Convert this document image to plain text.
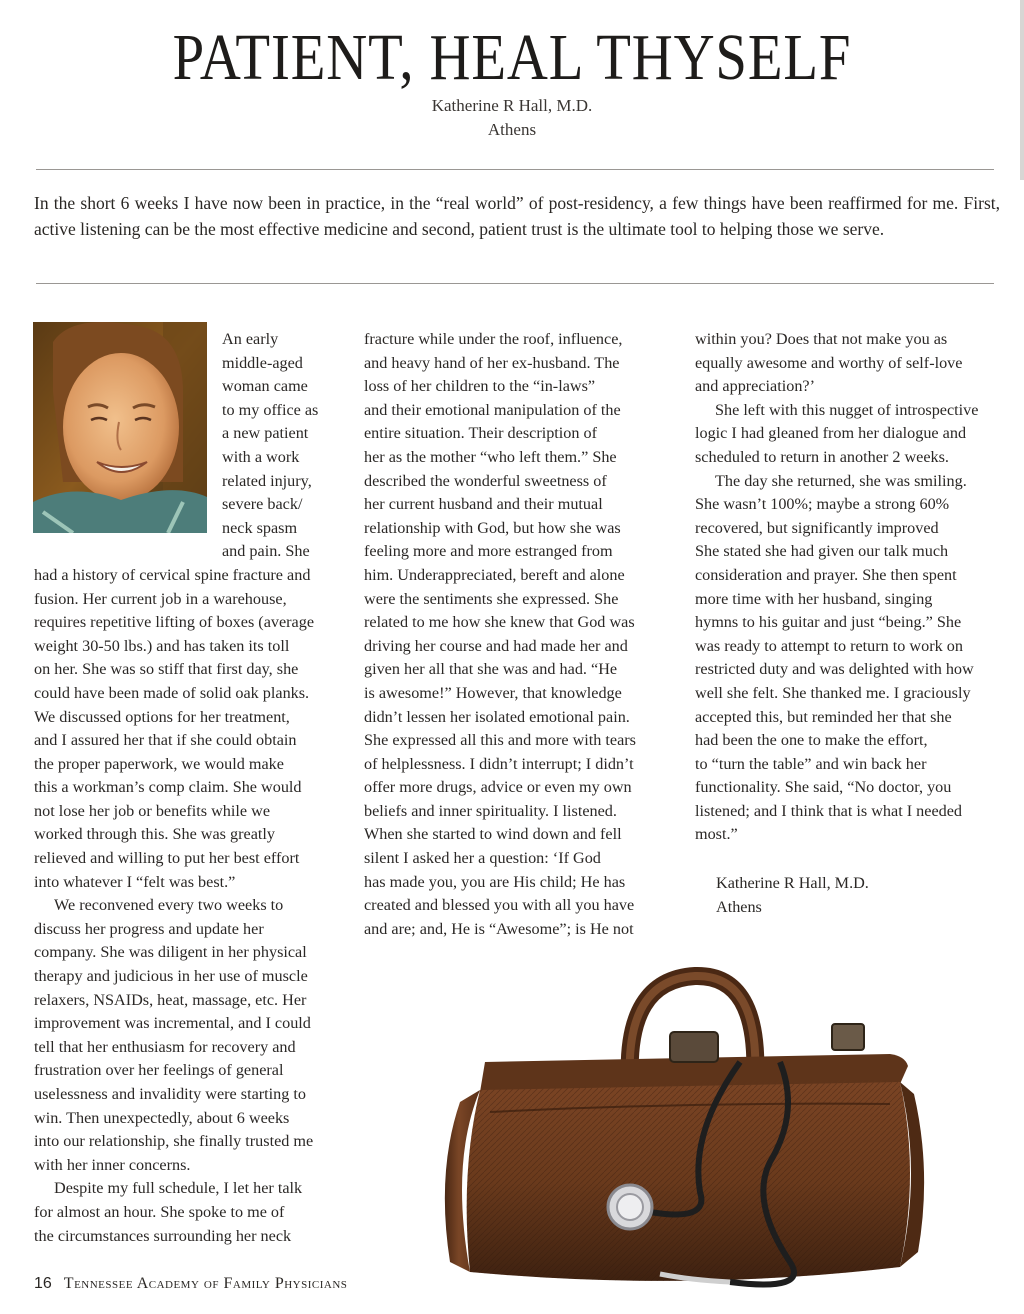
PATIENT, HEAL THYSELF
Katherine R Hall, M.D.
Athens

In the short 6 weeks I have now been in practice, in the “real world” of post-residency, a few things have been reaffirmed for me. First, active listening can be the most effective medicine and second, patient trust is the ultimate tool to helping those we serve.

An early
middle-aged
woman came
to my office as
a new patient
with a work
related injury,
severe back/
neck spasm
and pain. She
had a history of cervical spine fracture and
fusion. Her current job in a warehouse,
requires repetitive lifting of boxes (average
weight 30-50 lbs.) and has taken its toll
on her. She was so stiff that first day, she
could have been made of solid oak planks.
We discussed options for her treatment,
and I assured her that if she could obtain
the proper paperwork, we would make
this a workman’s comp claim. She would
not lose her job or benefits while we
worked through this. She was greatly
relieved and willing to put her best effort
into whatever I “felt was best.”
We reconvened every two weeks to
discuss her progress and update her
company. She was diligent in her physical
therapy and judicious in her use of muscle
relaxers, NSAIDs, heat, massage, etc. Her
improvement was incremental, and I could
tell that her enthusiasm for recovery and
frustration over her feelings of general
uselessness and invalidity were starting to
win. Then unexpectedly, about 6 weeks
into our relationship, she finally trusted me
with her inner concerns.
Despite my full schedule, I let her talk
for almost an hour. She spoke to me of
the circumstances surrounding her neck
fracture while under the roof, influence,
and heavy hand of her ex-husband. The
loss of her children to the “in-laws”
and their emotional manipulation of the
entire situation. Their description of
her as the mother “who left them.” She
described the wonderful sweetness of
her current husband and their mutual
relationship with God, but how she was
feeling more and more estranged from
him. Underappreciated, bereft and alone
were the sentiments she expressed. She
related to me how she knew that God was
driving her course and had made her and
given her all that she was and had. “He
is awesome!” However, that knowledge
didn’t lessen her isolated emotional pain.
She expressed all this and more with tears
of helplessness. I didn’t interrupt; I didn’t
offer more drugs, advice or even my own
beliefs and inner spirituality. I listened.
When she started to wind down and fell
silent I asked her a question: ‘If God
has made you, you are His child; He has
created and blessed you with all you have
and are; and, He is “Awesome”; is He not
within you? Does that not make you as
equally awesome and worthy of self-love
and appreciation?’
She left with this nugget of introspective
logic I had gleaned from her dialogue and
scheduled to return in another 2 weeks.
The day she returned, she was smiling.
She wasn’t 100%; maybe a strong 60%
recovered, but significantly improved
She stated she had given our talk much
consideration and prayer. She then spent
more time with her husband, singing
hymns to his guitar and just “being.” She
was ready to attempt to return to work on
restricted duty and was delighted with how
well she felt. She thanked me. I graciously
accepted this, but reminded her that she
had been the one to make the effort,
to “turn the table” and win back her
functionality. She said, “No doctor, you
listened; and I think that is what I needed
most.”
Katherine R Hall, M.D.
Athens
16 Tennessee Academy of Family Physicians
